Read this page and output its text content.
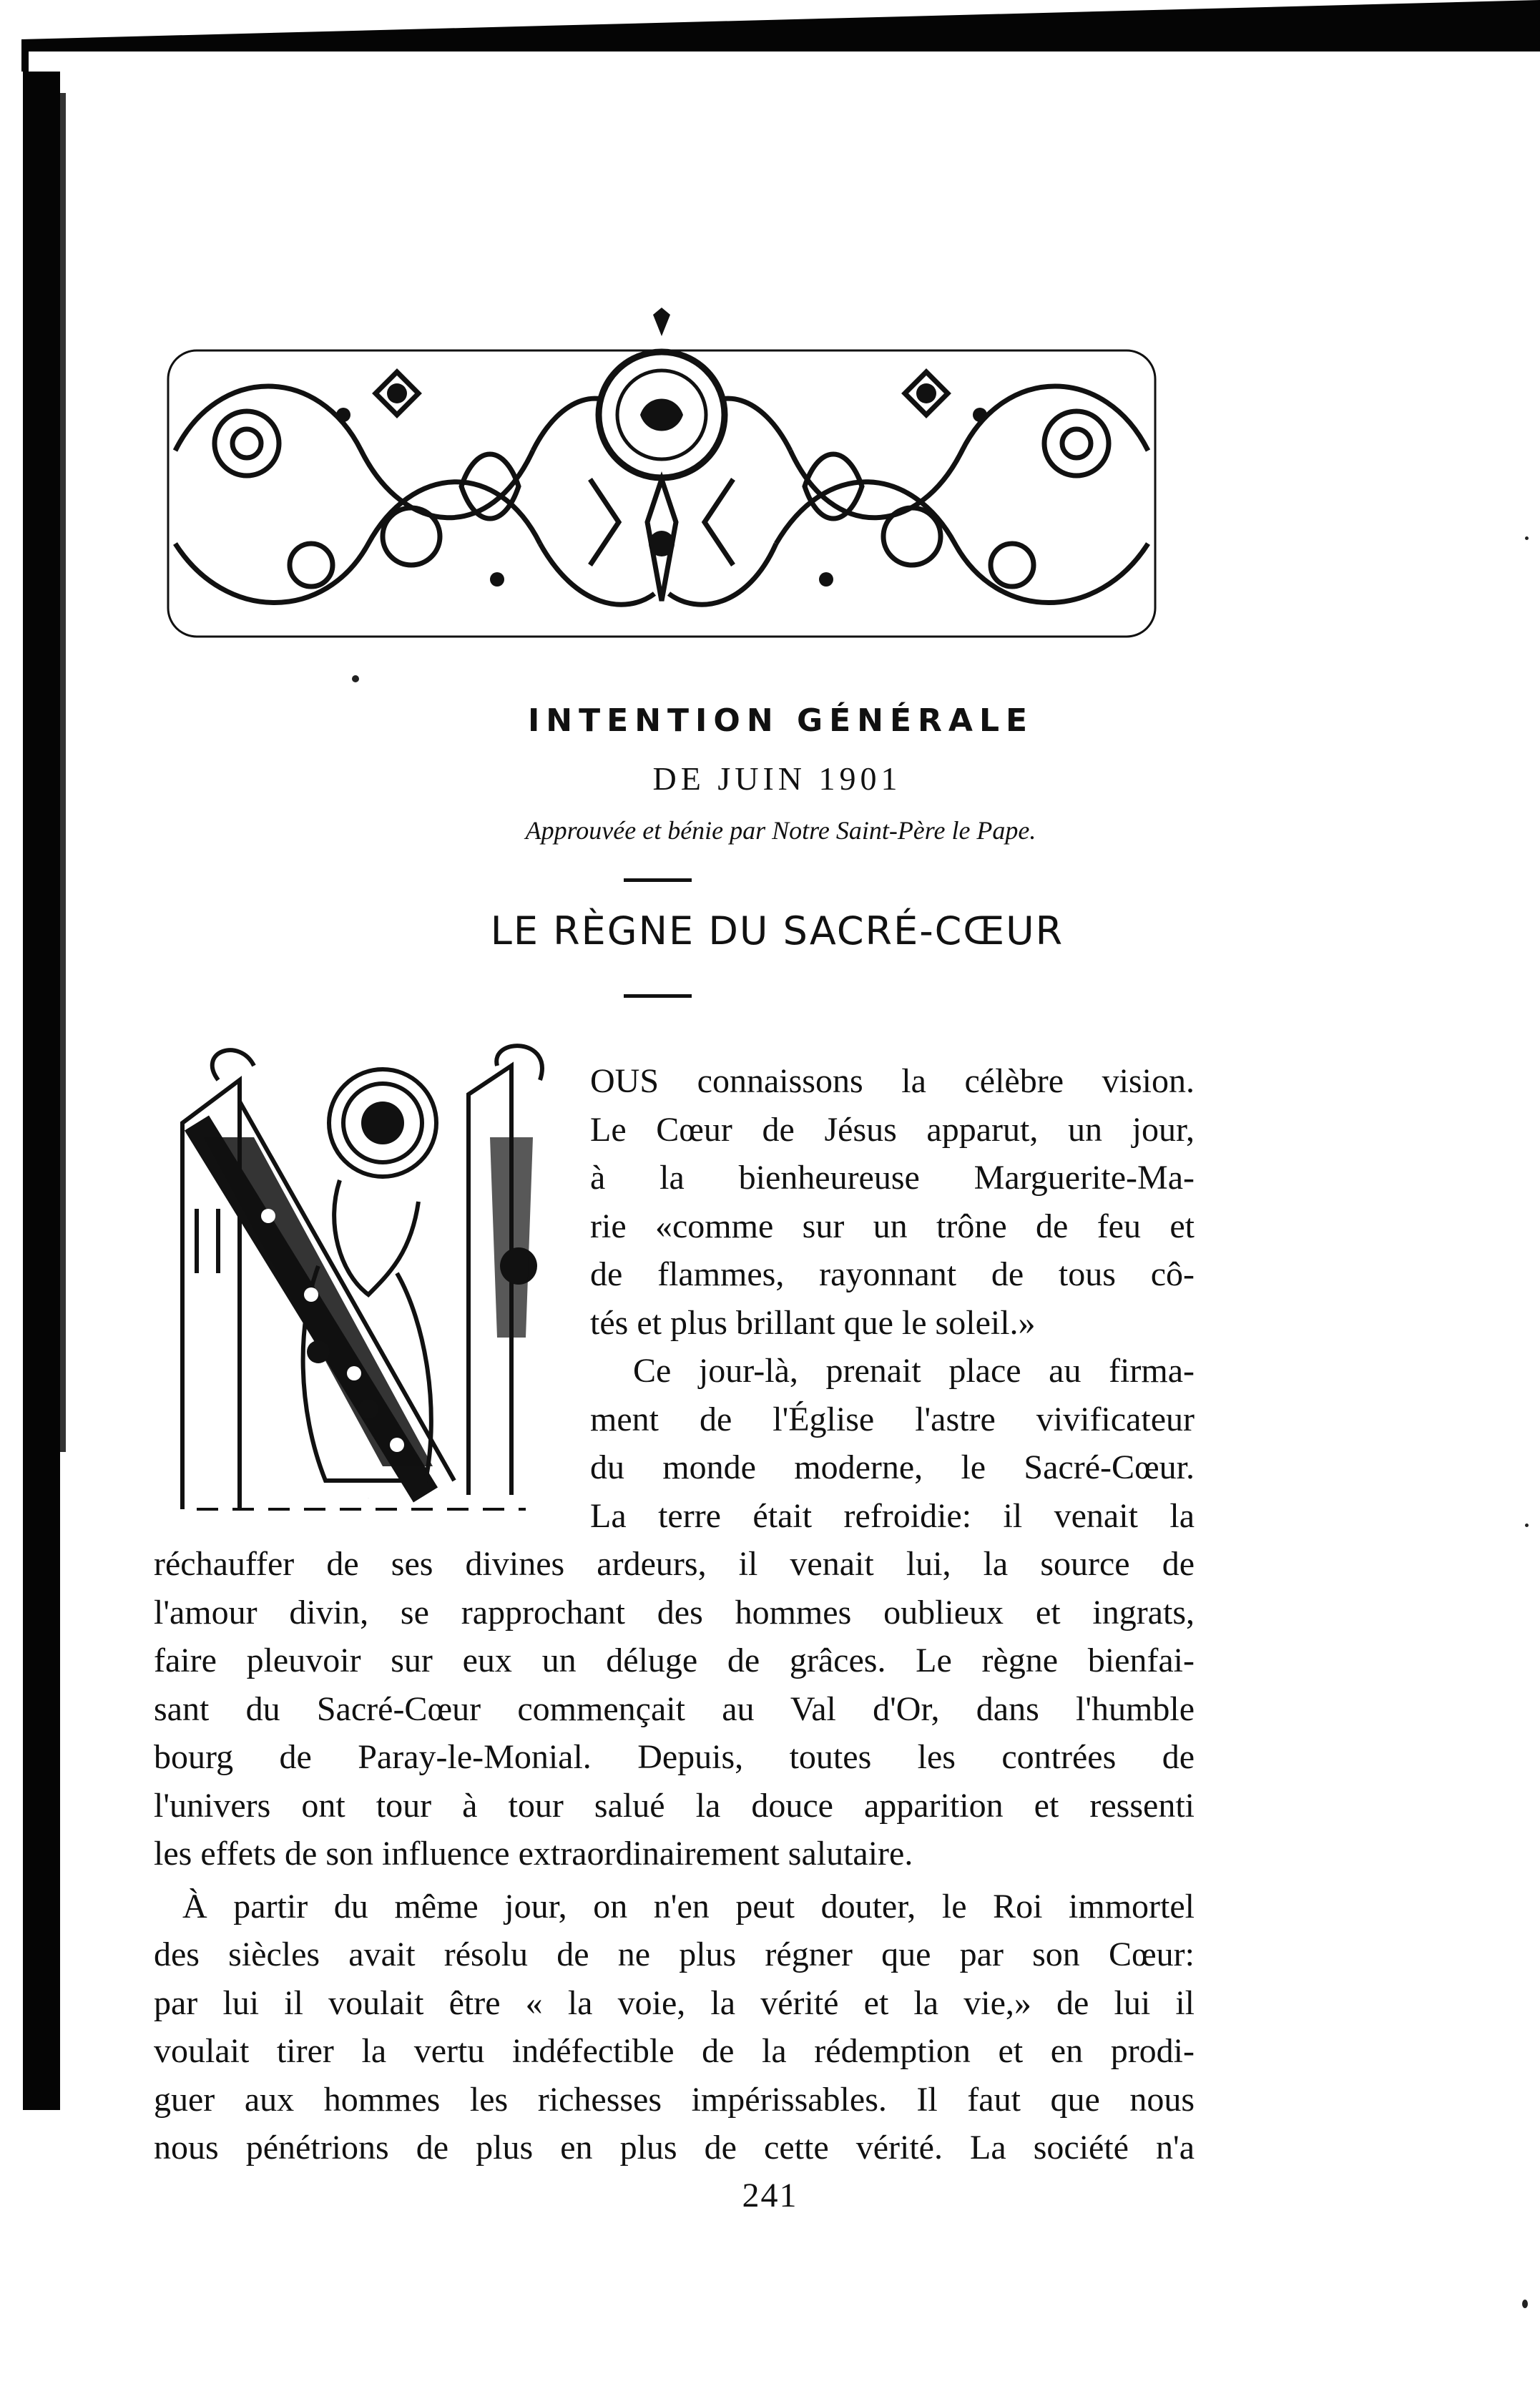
INTENTION GÉNÉRALE
DE JUIN 1901
Approuvée et bénie par Notre Saint-Père le Pape.
LE RÈGNE DU SACRÉ-CŒUR
N

OUS connaissons la célèbre vision.
Le Cœur de Jésus apparut, un jour,
à la bienheureuse Marguerite-Ma-
rie «comme sur un trône de feu et
de flammes, rayonnant de tous cô-
tés et plus brillant que le soleil.»

Ce jour-là, prenait place au firma-
ment de l'Église l'astre vivificateur
du monde moderne, le Sacré-Cœur.
La terre était refroidie: il venait la
réchauffer de ses divines ardeurs, il venait lui, la source de
l'amour divin, se rapprochant des hommes oublieux et ingrats,
faire pleuvoir sur eux un déluge de grâces. Le règne bienfai-
sant du Sacré-Cœur commençait au Val d'Or, dans l'humble
bourg de Paray-le-Monial. Depuis, toutes les contrées de
l'univers ont tour à tour salué la douce apparition et ressenti
les effets de son influence extraordinairement salutaire.

À partir du même jour, on n'en peut douter, le Roi immortel
des siècles avait résolu de ne plus régner que par son Cœur:
par lui il voulait être « la voie, la vérité et la vie,» de lui il
voulait tirer la vertu indéfectible de la rédemption et en prodi-
guer aux hommes les richesses impérissables. Il faut que nous
nous pénétrions de plus en plus de cette vérité. La société n'a

241
